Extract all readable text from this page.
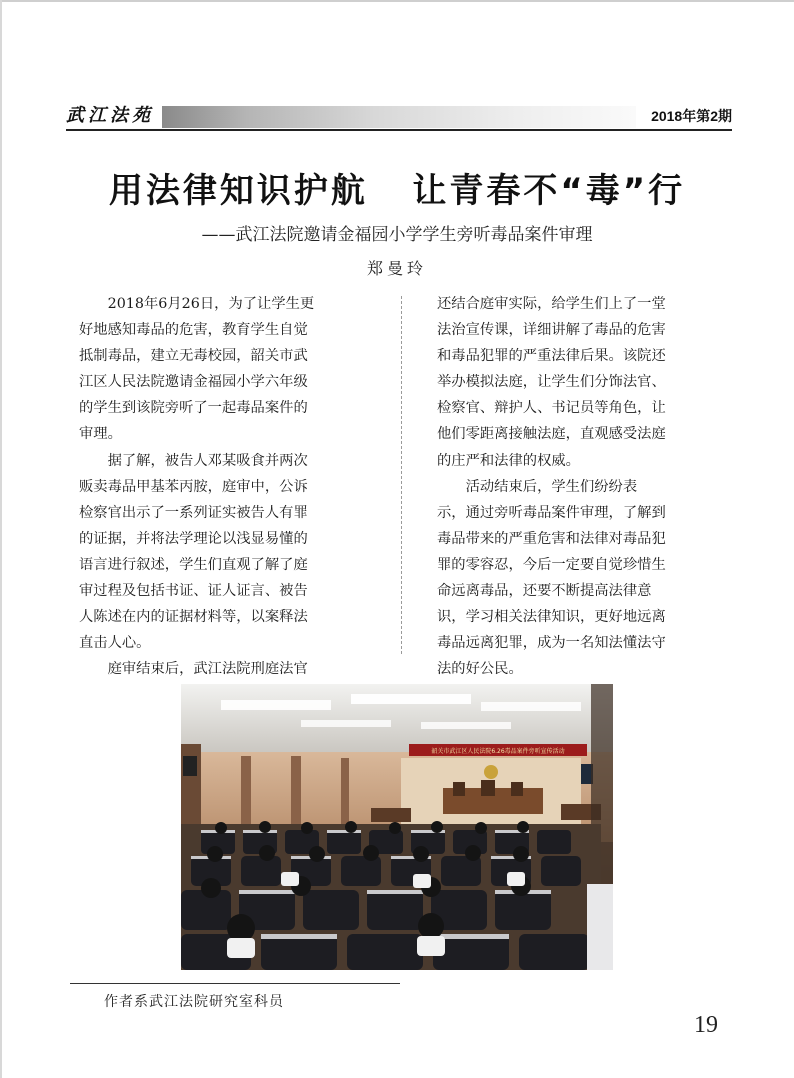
武江法苑	2018年第2期
用法律知识护航   让青春不“毒”行
——武江法院邀请金福园小学学生旁听毒品案件审理
郑曼玲

2018年6月26日，为了让学生更
好地感知毒品的危害，教育学生自觉
抵制毒品，建立无毒校园，韶关市武
江区人民法院邀请金福园小学六年级
的学生到该院旁听了一起毒品案件的
审理。

据了解，被告人邓某吸食并两次
贩卖毒品甲基苯丙胺，庭审中，公诉
检察官出示了一系列证实被告人有罪
的证据，并将法学理论以浅显易懂的
语言进行叙述，学生们直观了解了庭
审过程及包括书证、证人证言、被告
人陈述在内的证据材料等，以案释法
直击人心。

庭审结束后，武江法院刑庭法官

还结合庭审实际，给学生们上了一堂
法治宣传课，详细讲解了毒品的危害
和毒品犯罪的严重法律后果。该院还
举办模拟法庭，让学生们分饰法官、
检察官、辩护人、书记员等角色，让
他们零距离接触法庭，直观感受法庭
的庄严和法律的权威。

活动结束后，学生们纷纷表
示，通过旁听毒品案件审理，了解到
毒品带来的严重危害和法律对毒品犯
罪的零容忍，今后一定要自觉珍惜生
命远离毒品，还要不断提高法律意
识，学习相关法律知识，更好地远离
毒品远离犯罪，成为一名知法懂法守
法的好公民。

韶关市武江区人民法院6.26毒品案件旁听宣传活动
作者系武江法院研究室科员
19
